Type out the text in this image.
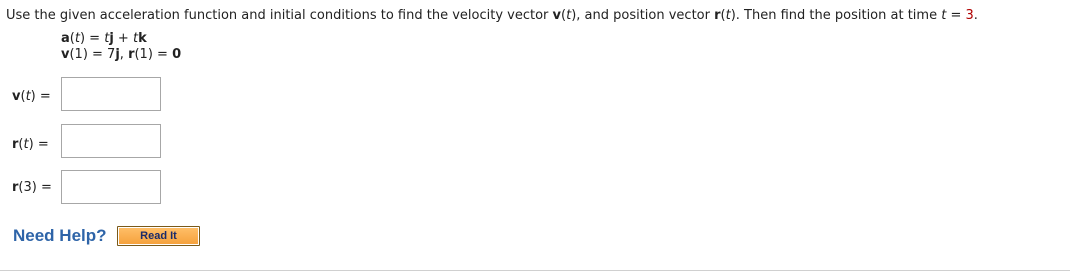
Use the given acceleration function and initial conditions to find the velocity vector v(t), and position vector r(t). Then find the position at time t = 3.
a(t) = tj + tk
v(1) = 7j, r(1) = 0
v(t) =
r(t) =
r(3) =
Need Help?	Read It
